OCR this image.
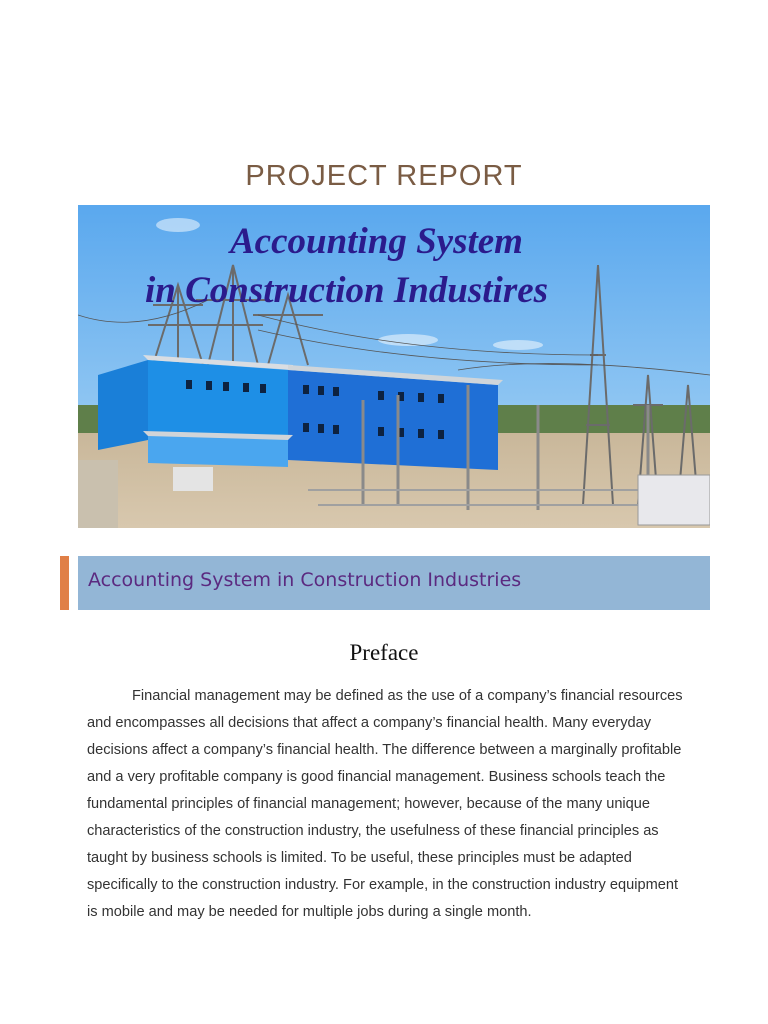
PROJECT REPORT
Accounting System
in Construction Industires
Accounting System in Construction Industries
Preface
Financial management may be defined as the use of a company’s financial resources and encompasses all decisions that affect a company’s financial health. Many everyday decisions affect a company’s financial health. The difference between a marginally profitable and a very profitable company is good financial management. Business schools teach the fundamental principles of financial management; however, because of the many unique characteristics of the construction industry, the usefulness of these financial principles as taught by business schools is limited. To be useful, these principles must be adapted specifically to the construction industry. For example, in the construction industry equipment is mobile and may be needed for multiple jobs during a single month.
